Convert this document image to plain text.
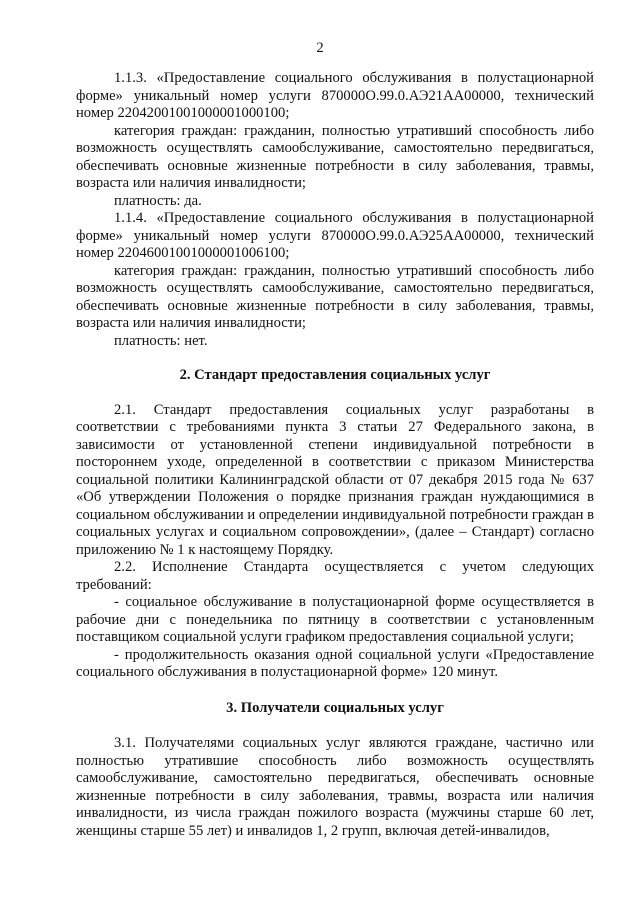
2

1.1.3. «Предоставление социального обслуживания в полустационарной форме» уникальный номер услуги 870000О.99.0.АЭ21АА00000, технический номер 22042001001000001000100;

категория граждан: гражданин, полностью утративший способность либо возможность осуществлять самообслуживание, самостоятельно передвигаться, обеспечивать основные жизненные потребности в силу заболевания, травмы, возраста или наличия инвалидности;

платность: да.

1.1.4. «Предоставление социального обслуживания в полустационарной форме» уникальный номер услуги 870000О.99.0.АЭ25АА00000, технический номер 22046001001000001006100;

категория граждан: гражданин, полностью утративший способность либо возможность осуществлять самообслуживание, самостоятельно передвигаться, обеспечивать основные жизненные потребности в силу заболевания, травмы, возраста или наличия инвалидности;

платность: нет.

2. Стандарт предоставления социальных услуг

2.1. Стандарт предоставления социальных услуг разработаны в соответствии с требованиями пункта 3 статьи 27 Федерального закона, в зависимости от установленной степени индивидуальной потребности в постороннем уходе, определенной в соответствии с приказом Министерства социальной политики Калининградской области от 07 декабря 2015 года № 637 «Об утверждении Положения о порядке признания граждан нуждающимися в социальном обслуживании и определении индивидуальной потребности граждан в социальных услугах и социальном сопровождении», (далее – Стандарт) согласно приложению № 1 к настоящему Порядку.

2.2. Исполнение Стандарта осуществляется с учетом следующих требований:

- социальное обслуживание в полустационарной форме осуществляется в рабочие дни с понедельника по пятницу в соответствии с установленным поставщиком социальной услуги графиком предоставления социальной услуги;

- продолжительность оказания одной социальной услуги «Предоставление социального обслуживания в полустационарной форме» 120 минут.

3. Получатели социальных услуг

3.1. Получателями социальных услуг являются граждане, частично или полностью утратившие способность либо возможность осуществлять самообслуживание, самостоятельно передвигаться, обеспечивать основные жизненные потребности в силу заболевания, травмы, возраста или наличия инвалидности, из числа граждан пожилого возраста (мужчины старше 60 лет, женщины старше 55 лет) и инвалидов 1, 2 групп, включая детей-инвалидов,
